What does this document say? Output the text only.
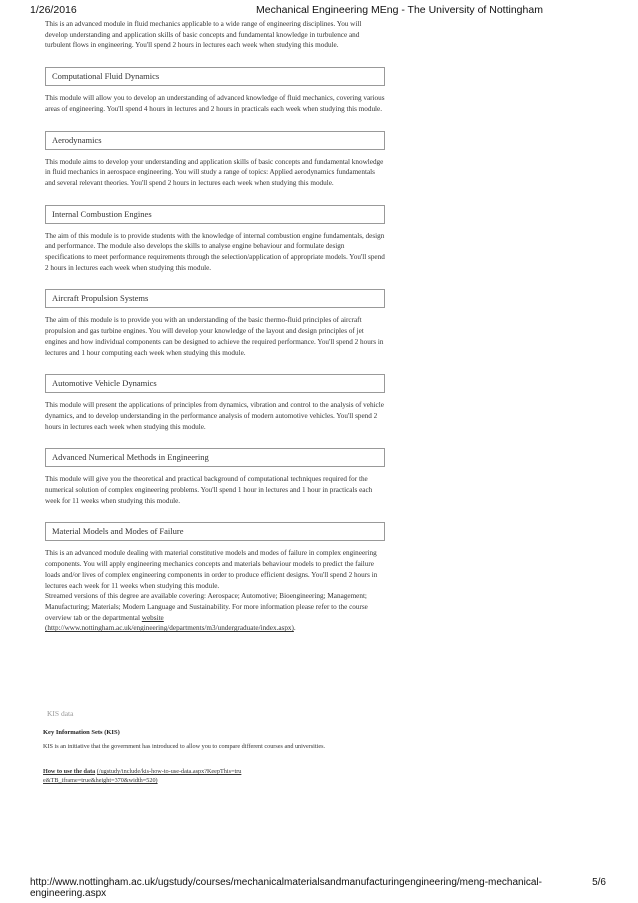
1/26/2016	Mechanical Engineering MEng - The University of Nottingham

This is an advanced module in fluid mechanics applicable to a wide range of engineering disciplines. You will develop understanding and application skills of basic concepts and fundamental knowledge in turbulence and turbulent flows in engineering. You'll spend 2 hours in lectures each week when studying this module.

Computational Fluid Dynamics

This module will allow you to develop an understanding of advanced knowledge of fluid mechanics, covering various areas of engineering. You'll spend 4 hours in lectures and 2 hours in practicals each week when studying this module.

Aerodynamics

This module aims to develop your understanding and application skills of basic concepts and fundamental knowledge in fluid mechanics in aerospace engineering. You will study a range of topics: Applied aerodynamics fundamentals and several relevant theories. You'll spend 2 hours in lectures each week when studying this module.

Internal Combustion Engines

The aim of this module is to provide students with the knowledge of internal combustion engine fundamentals, design and performance. The module also develops the skills to analyse engine behaviour and formulate design specifications to meet performance requirements through the selection/application of appropriate models. You'll spend 2 hours in lectures each week when studying this module.

Aircraft Propulsion Systems

The aim of this module is to provide you with an understanding of the basic thermo-fluid principles of aircraft propulsion and gas turbine engines. You will develop your knowledge of the layout and design principles of jet engines and how individual components can be designed to achieve the required performance. You'll spend 2 hours in lectures and 1 hour computing each week when studying this module.

Automotive Vehicle Dynamics

This module will present the applications of principles from dynamics, vibration and control to the analysis of vehicle dynamics, and to develop understanding in the performance analysis of modern automotive vehicles. You'll spend 2 hours in lectures each week when studying this module.

Advanced Numerical Methods in Engineering

This module will give you the theoretical and practical background of computational techniques required for the numerical solution of complex engineering problems. You'll spend 1 hour in lectures and 1 hour in practicals each week for 11 weeks when studying this module.

Material Models and Modes of Failure

This is an advanced module dealing with material constitutive models and modes of failure in complex engineering components. You will apply engineering mechanics concepts and materials behaviour models to predict the failure loads and/or lives of complex engineering components in order to produce efficient designs. You'll spend 2 hours in lectures each week for 11 weeks when studying this module.

Streamed versions of this degree are available covering: Aerospace; Automotive; Bioengineering; Management; Manufacturing; Materials; Modern Language and Sustainability. For more information please refer to the course overview tab or the departmental website (http://www.nottingham.ac.uk/engineering/departments/m3/undergraduate/index.aspx).

KIS data

Key Information Sets (KIS)

KIS is an initiative that the government has introduced to allow you to compare different courses and universities.

How to use the data (/ugstudy/include/kis-how-to-use-data.aspx?KeepThis=true&TB_iframe=true&height=370&width=520)
http://www.nottingham.ac.uk/ugstudy/courses/mechanicalmaterialsandmanufacturingengineering/meng-mechanical-engineering.aspx
5/6
